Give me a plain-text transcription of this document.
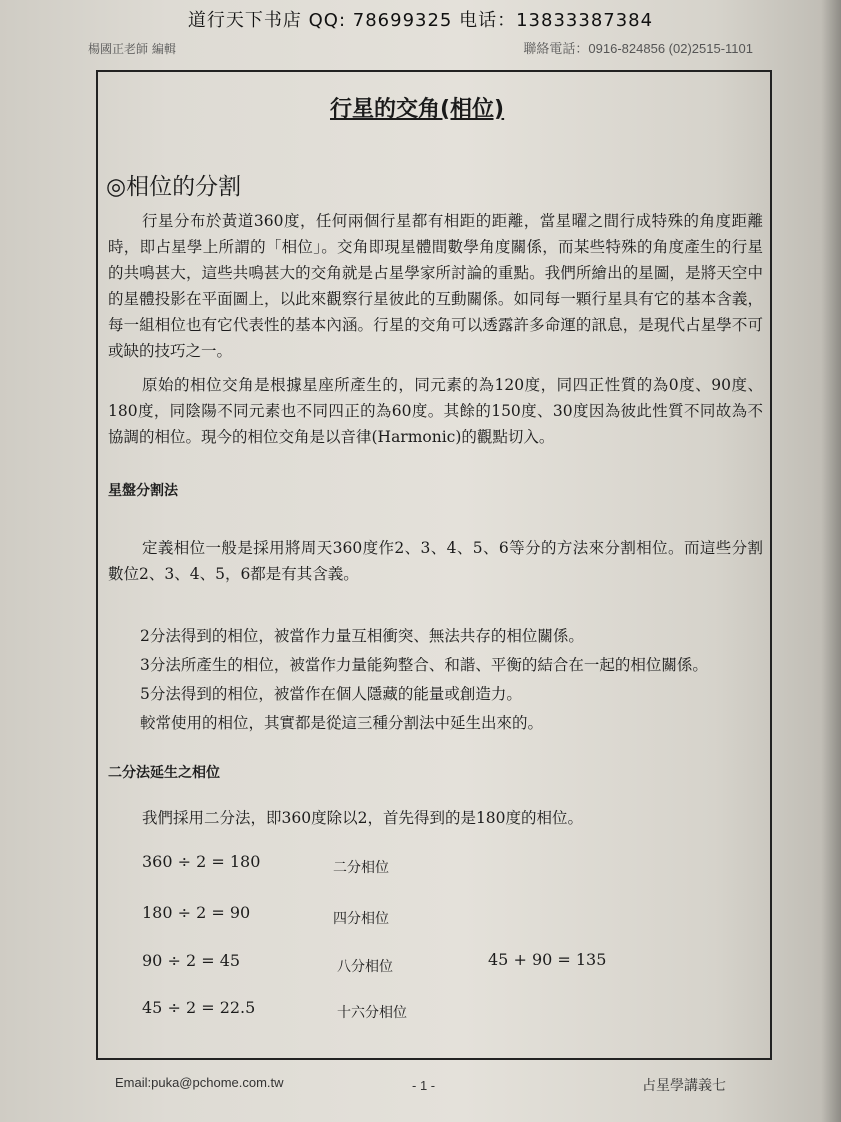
道行天下书店 QQ: 78699325 电话：13833387384
楊國正老師 編輯	聯絡電話：0916-824856 (02)2515-1101
行星的交角(相位)
◎相位的分割

行星分布於黃道360度，任何兩個行星都有相距的距離，當星曜之間行成特殊的角度距離時，即占星學上所謂的「相位」。交角即現星體間數學角度關係，而某些特殊的角度產生的行星的共鳴甚大，這些共鳴甚大的交角就是占星學家所討論的重點。我們所繪出的星圖，是將天空中的星體投影在平面圖上，以此來觀察行星彼此的互動關係。如同每一顆行星具有它的基本含義，每一組相位也有它代表性的基本內涵。行星的交角可以透露許多命運的訊息，是現代占星學不可或缺的技巧之一。

原始的相位交角是根據星座所產生的，同元素的為120度，同四正性質的為0度、90度、180度，同陰陽不同元素也不同四正的為60度。其餘的150度、30度因為彼此性質不同故為不協調的相位。現今的相位交角是以音律(Harmonic)的觀點切入。

星盤分割法

定義相位一般是採用將周天360度作2、3、4、5、6等分的方法來分割相位。而這些分割數位2、3、4、5，6都是有其含義。

2分法得到的相位，被當作力量互相衝突、無法共存的相位關係。

3分法所產生的相位，被當作力量能夠整合、和諧、平衡的結合在一起的相位關係。

5分法得到的相位，被當作在個人隱藏的能量或創造力。

較常使用的相位，其實都是從這三種分割法中延生出來的。

二分法延生之相位

我們採用二分法，即360度除以2，首先得到的是180度的相位。

360 ÷ 2 = 180	二分相位
180 ÷ 2 = 90	四分相位
90 ÷ 2 = 45	八分相位	45 + 90 = 135
45 ÷ 2 = 22.5	十六分相位
Email:puka@pchome.com.tw	- 1 -	占星學講義七
